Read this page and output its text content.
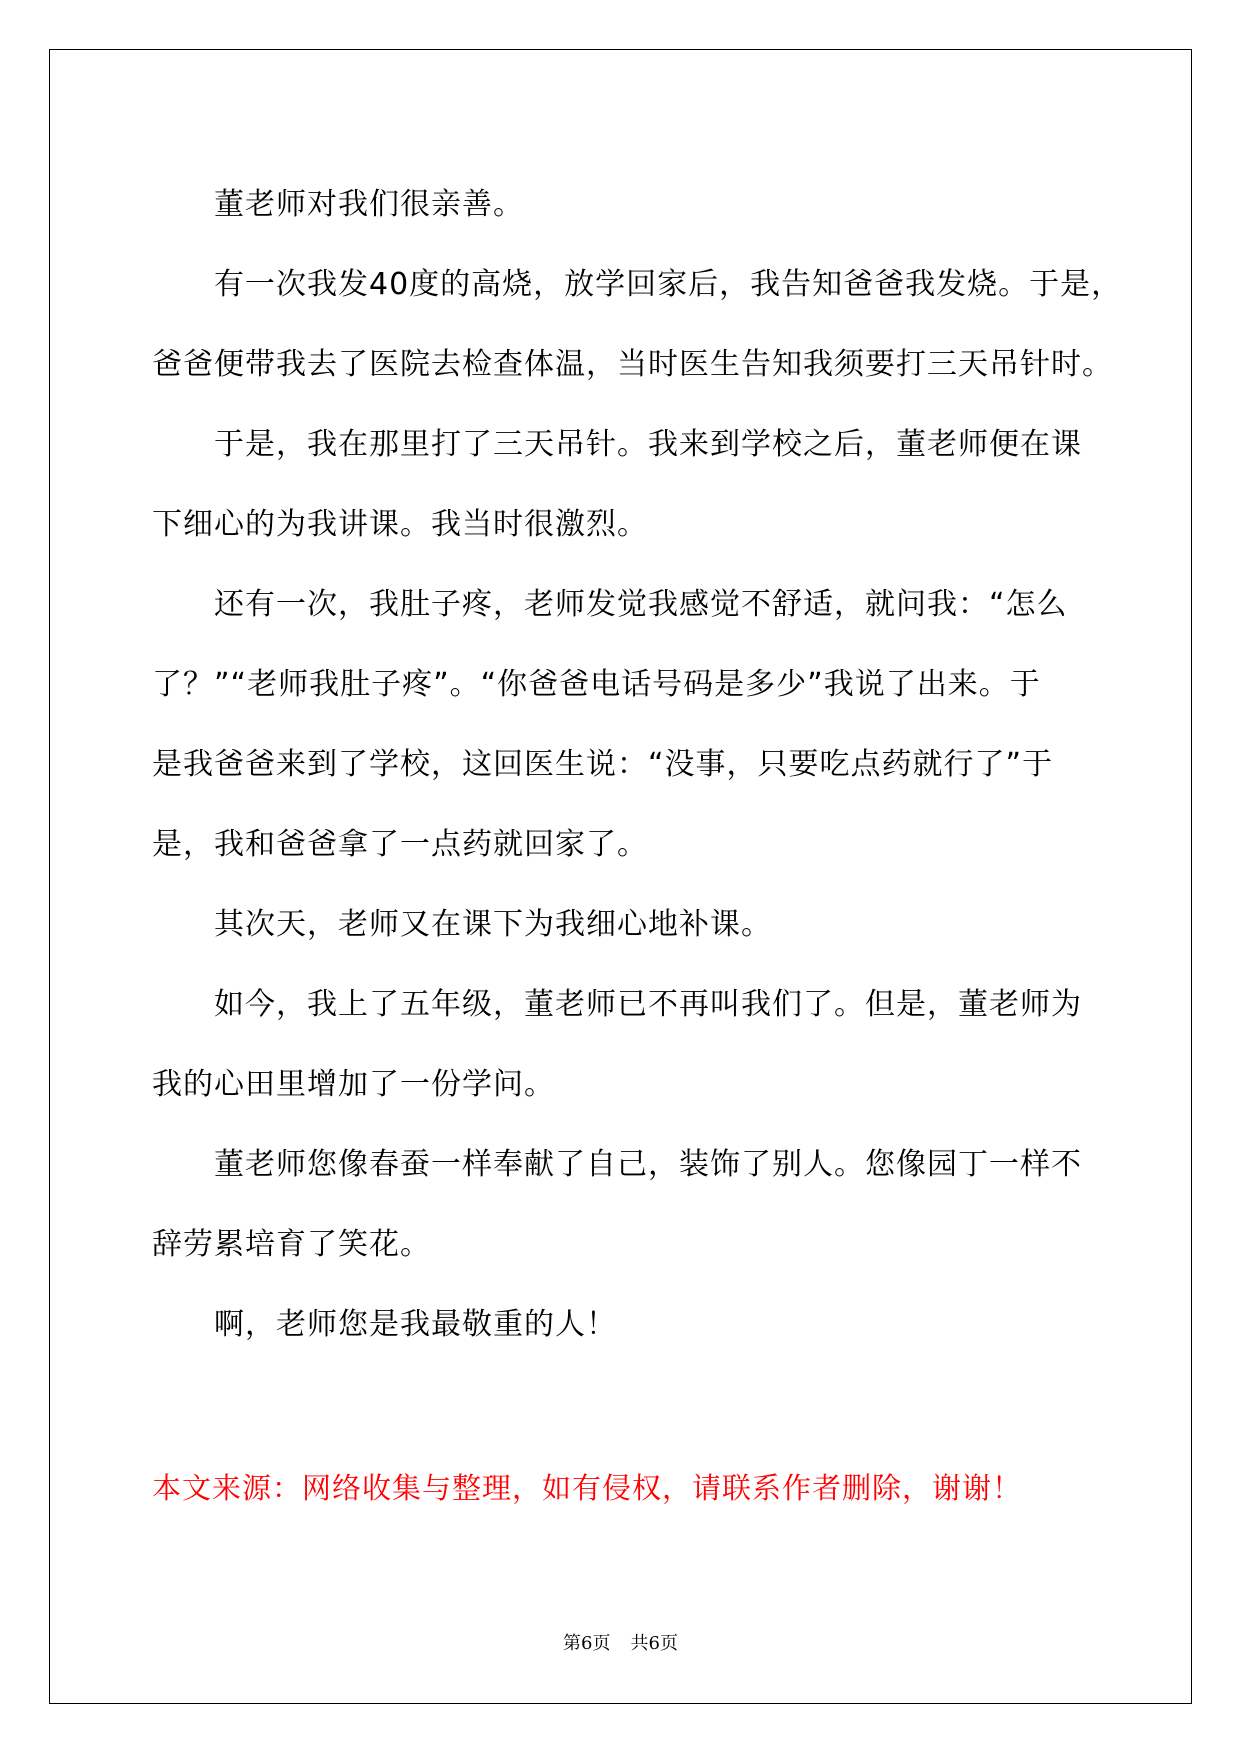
董老师对我们很亲善。

有一次我发40度的高烧，放学回家后，我告知爸爸我发烧。于是，
爸爸便带我去了医院去检查体温，当时医生告知我须要打三天吊针时。

于是，我在那里打了三天吊针。我来到学校之后，董老师便在课
下细心的为我讲课。我当时很激烈。

还有一次，我肚子疼，老师发觉我感觉不舒适，就问我：“怎么
了？”“老师我肚子疼”。“你爸爸电话号码是多少”我说了出来。于
是我爸爸来到了学校，这回医生说：“没事，只要吃点药就行了”于
是，我和爸爸拿了一点药就回家了。

其次天，老师又在课下为我细心地补课。

如今，我上了五年级，董老师已不再叫我们了。但是，董老师为
我的心田里增加了一份学问。

董老师您像春蚕一样奉献了自己，装饰了别人。您像园丁一样不
辞劳累培育了笑花。

啊，老师您是我最敬重的人！

本文来源：网络收集与整理，如有侵权，请联系作者删除，谢谢！
第6页 共6页
